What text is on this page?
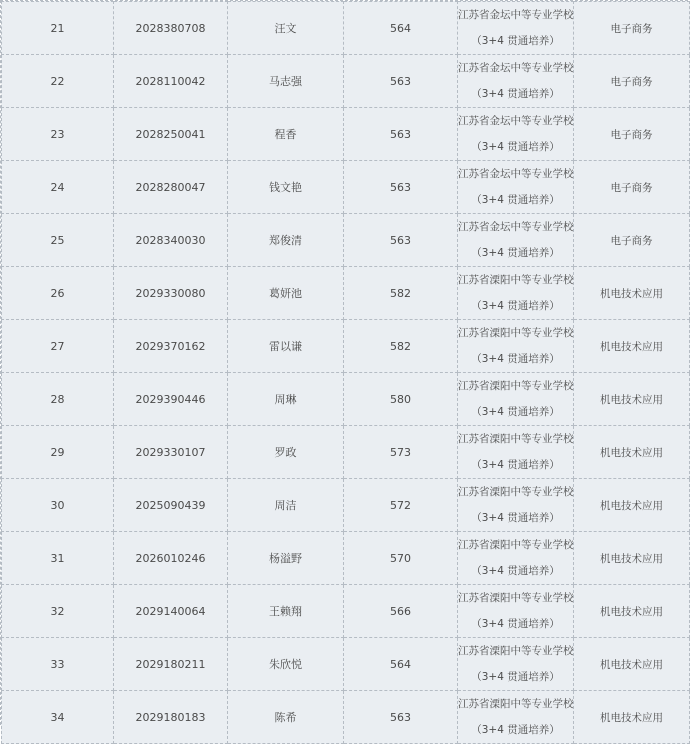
21	2028380708	汪文	564	江苏省金坛中等专业学校
（3+4 贯通培养）	电子商务
22	2028110042	马志强	563	江苏省金坛中等专业学校
（3+4 贯通培养）	电子商务
23	2028250041	程香	563	江苏省金坛中等专业学校
（3+4 贯通培养）	电子商务
24	2028280047	钱文艳	563	江苏省金坛中等专业学校
（3+4 贯通培养）	电子商务
25	2028340030	郑俊清	563	江苏省金坛中等专业学校
（3+4 贯通培养）	电子商务
26	2029330080	葛妍池	582	江苏省溧阳中等专业学校
（3+4 贯通培养）	机电技术应用
27	2029370162	雷以谦	582	江苏省溧阳中等专业学校
（3+4 贯通培养）	机电技术应用
28	2029390446	周琳	580	江苏省溧阳中等专业学校
（3+4 贯通培养）	机电技术应用
29	2029330107	罗政	573	江苏省溧阳中等专业学校
（3+4 贯通培养）	机电技术应用
30	2025090439	周洁	572	江苏省溧阳中等专业学校
（3+4 贯通培养）	机电技术应用
31	2026010246	杨溢野	570	江苏省溧阳中等专业学校
（3+4 贯通培养）	机电技术应用
32	2029140064	王赖翔	566	江苏省溧阳中等专业学校
（3+4 贯通培养）	机电技术应用
33	2029180211	朱欣悦	564	江苏省溧阳中等专业学校
（3+4 贯通培养）	机电技术应用
34	2029180183	陈希	563	江苏省溧阳中等专业学校
（3+4 贯通培养）	机电技术应用
